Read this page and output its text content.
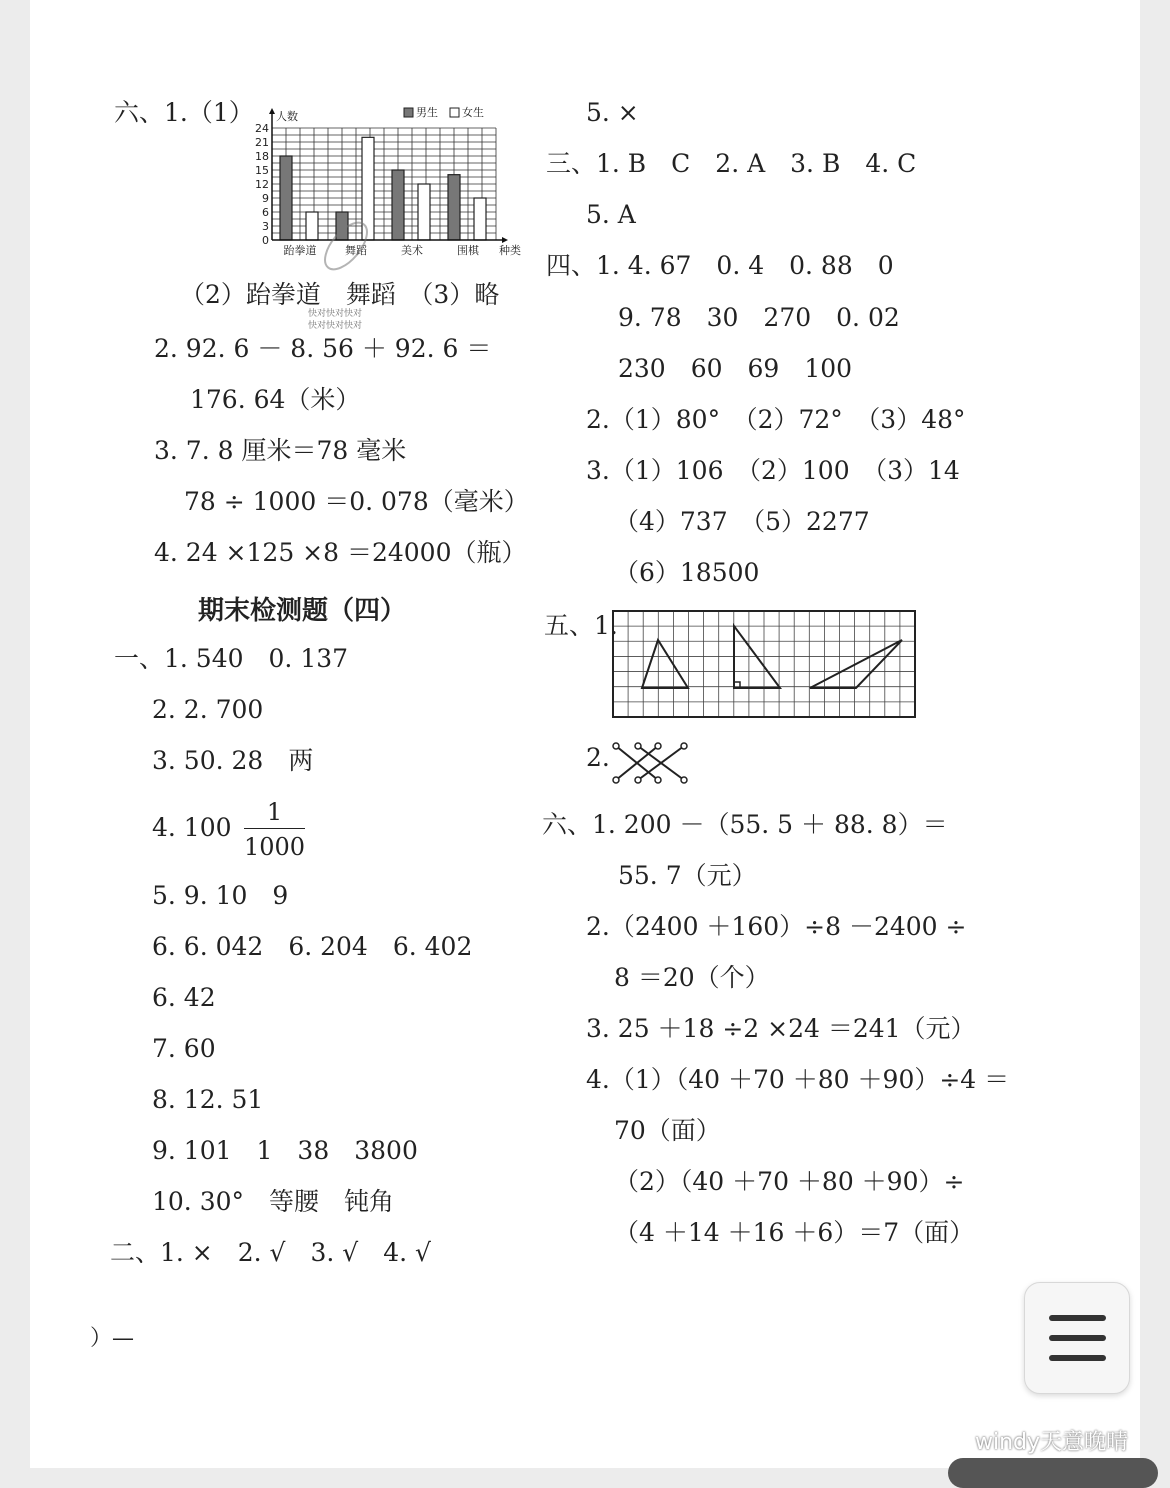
六、1.（1）
0
3
6
9
12
15
18
21
24
跆拳道	舞蹈	美术	围棋
人数
种类
男生 女生
（2）跆拳道　舞蹈　（3）略
快对快对快对
快对快对快对
2. 92. 6 － 8. 56 ＋ 92. 6 ＝
176. 64（米）
3. 7. 8 厘米＝78 毫米
78 ÷ 1000 ＝0. 078（毫米）
4. 24 ×125 ×8 ＝24000（瓶）
期末检测题（四）
一、1. 540　0. 137
2. 2. 700
3. 50. 28　两
4. $100 \frac{1}{1000}$
5. 9. 10　9
6. 6. 042　6. 204　6. 402
6. 42
7. 60
8. 12. 51
9. 101　1　38　3800
10. 30°　等腰　钝角
二、1. ×　2. √　3. √　4. √
）—
5. ×
三、1. B　C　2. A　3. B　4. C
5. A
四、1. 4. 67　0. 4　0. 88　0
9. 78　30　270　0. 02
230　60　69　100
2.（1）80°　（2）72°　（3）48°
3.（1）106　（2）100　（3）14
（4）737　（5）2277
（6）18500
五、1.
2.
六、1. 200 －（55. 5 ＋ 88. 8）＝
55. 7（元）
2.（2400 ＋160）÷8 －2400 ÷
8 ＝20（个）
3. 25 ＋18 ÷2 ×24 ＝241（元）
4.（1）（40 ＋70 ＋80 ＋90）÷4 ＝
70（面）
（2）（40 ＋70 ＋80 ＋90）÷
（4 ＋14 ＋16 ＋6）＝7（面）
windy天意晚晴
